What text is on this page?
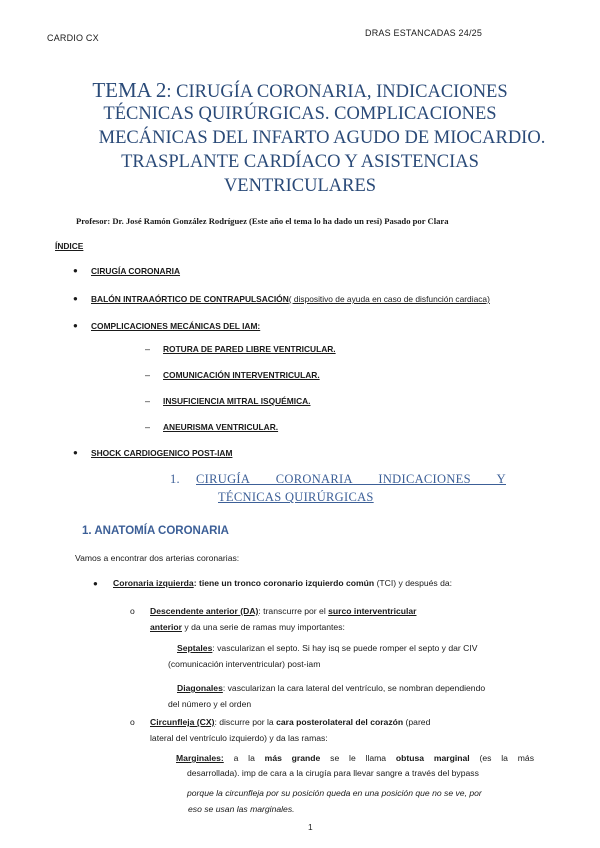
CARDIO CX	DRAS ESTANCADAS 24/25
TEMA 2: CIRUGÍA CORONARIA, INDICACIONES
TÉCNICAS QUIRÚRGICAS. COMPLICACIONES
MECÁNICAS DEL INFARTO AGUDO DE MIOCARDIO.
TRASPLANTE CARDÍACO Y ASISTENCIAS
VENTRICULARES
Profesor: Dr. José Ramón González Rodríguez (Este año el tema lo ha dado un resi) Pasado por Clara
ÍNDICE
● CIRUGÍA CORONARIA
● BALÓN INTRAAÓRTICO DE CONTRAPULSACIÓN( dispositivo de ayuda en caso de disfunción cardiaca)
● COMPLICACIONES MECÁNICAS DEL IAM:
– ROTURA DE PARED LIBRE VENTRICULAR.
– COMUNICACIÓN INTERVENTRICULAR.
– INSUFICIENCIA MITRAL ISQUÉMICA.
– ANEURISMA VENTRICULAR.
● SHOCK CARDIOGENICO POST-IAM
1. CIRUGÍA CORONARIA INDICACIONES Y
TÉCNICAS QUIRÚRGICAS
1. ANATOMÍA CORONARIA
Vamos a encontrar dos arterias coronarias:
● Coronaria izquierda: tiene un tronco coronario izquierdo común (TCI) y después da:
o Descendente anterior (DA): transcurre por el surco interventricular
anterior y da una serie de ramas muy importantes:
Septales: vascularizan el septo. Si hay isq se puede romper el septo y dar CIV
(comunicación interventricular) post-iam
Diagonales: vascularizan la cara lateral del ventrículo, se nombran dependiendo
del número y el orden
o Circunfleja (CX): discurre por la cara posterolateral del corazón (pared
lateral del ventrículo izquierdo) y da las ramas:
Marginales: a la más grande se le llama obtusa marginal (es la más
desarrollada). imp de cara a la cirugía para llevar sangre a través del bypass
porque la circunfleja por su posición queda en una posición que no se ve, por
eso se usan las marginales.
1
